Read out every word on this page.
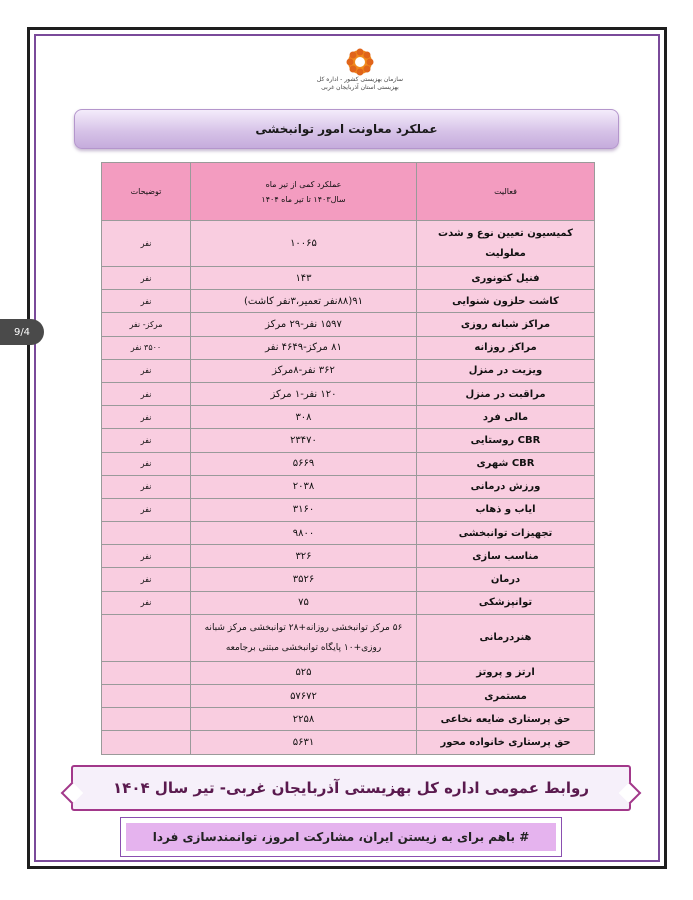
سازمان بهزیستی کشور - اداره کل بهزیستی استان آذربایجان غربی
عملکرد معاونت امور توانبخشی
فعالیت	عملکرد کمی از تیر ماه سال۱۴۰۳ تا تیر ماه ۱۴۰۴	توضیحات
کمیسیون تعیین نوع و شدت معلولیت	۱۰۰۶۵	نفر
فنیل کتونوری	۱۴۳	نفر
کاشت حلزون شنوایی	۹۱(۸۸نفر تعمیر،۳نفر کاشت)	نفر
مراکز شبانه روزی	۱۵۹۷ نفر-۲۹ مرکز	مرکز- نفر
مراکز روزانه	۸۱ مرکز-۴۶۴۹ نفر	۳۵۰۰ نفر
ویزیت در منزل	۳۶۲ نفر-۸مرکز	نفر
مراقبت در منزل	۱۲۰ نفر-۱ مرکز	نفر
مالی فرد	۳۰۸	نفر
CBR روستایی	۲۳۴۷۰	نفر
CBR شهری	۵۶۶۹	نفر
ورزش درمانی	۲۰۳۸	نفر
ایاب و ذهاب	۳۱۶۰	نفر
تجهیزات توانبخشی	۹۸۰۰	
مناسب سازی	۳۲۶	نفر
درمان	۳۵۲۶	نفر
توانپزشکی	۷۵	نفر
هنردرمانی	۵۶ مرکز توانبخشی روزانه+۲۸ توانبخشی مرکز شبانه روزی+۱۰ پایگاه توانبخشی مبتنی برجامعه	
ارتز و پروتز	۵۲۵	
مستمری	۵۷۶۷۲	
حق پرستاری ضایعه نخاعی	۲۲۵۸	
حق پرستاری خانواده محور	۵۶۳۱	
روابط عمومی اداره کل بهزیستی آذربایجان غربی- تیر سال ۱۴۰۴
# باهم برای به زیستن ایران، مشارکت امروز، توانمندسازی فردا
9/4
